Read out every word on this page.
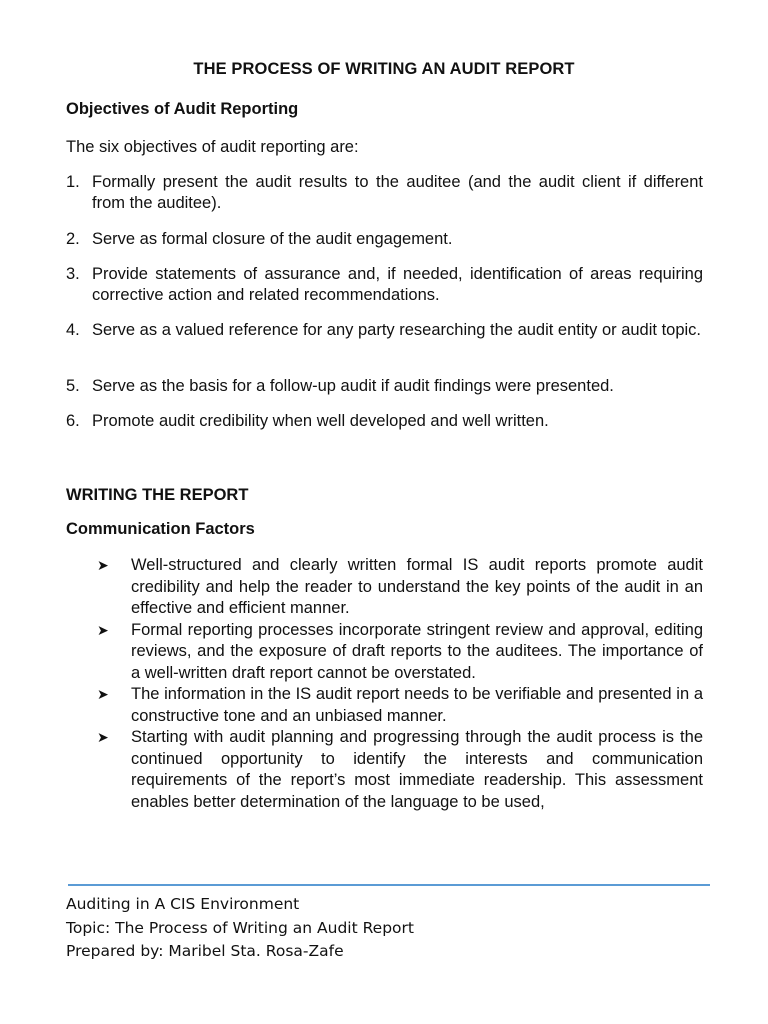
THE PROCESS OF WRITING AN AUDIT REPORT
Objectives of Audit Reporting
The six objectives of audit reporting are:
1. Formally present the audit results to the auditee (and the audit client if different from the auditee).
2. Serve as formal closure of the audit engagement.
3. Provide statements of assurance and, if needed, identification of areas requiring corrective action and related recommendations.
4. Serve as a valued reference for any party researching the audit entity or audit topic.
5. Serve as the basis for a follow-up audit if audit findings were presented.
6. Promote audit credibility when well developed and well written.
WRITING THE REPORT
Communication Factors
➤ Well-structured and clearly written formal IS audit reports promote audit credibility and help the reader to understand the key points of the audit in an effective and efficient manner.
➤ Formal reporting processes incorporate stringent review and approval, editing reviews, and the exposure of draft reports to the auditees. The importance of a well-written draft report cannot be overstated.
➤ The information in the IS audit report needs to be verifiable and presented in a constructive tone and an unbiased manner.
➤ Starting with audit planning and progressing through the audit process is the continued opportunity to identify the interests and communication requirements of the report’s most immediate readership. This assessment enables better determination of the language to be used,
Auditing in A CIS Environment
Topic: The Process of Writing an Audit Report
Prepared by: Maribel Sta. Rosa-Zafe
